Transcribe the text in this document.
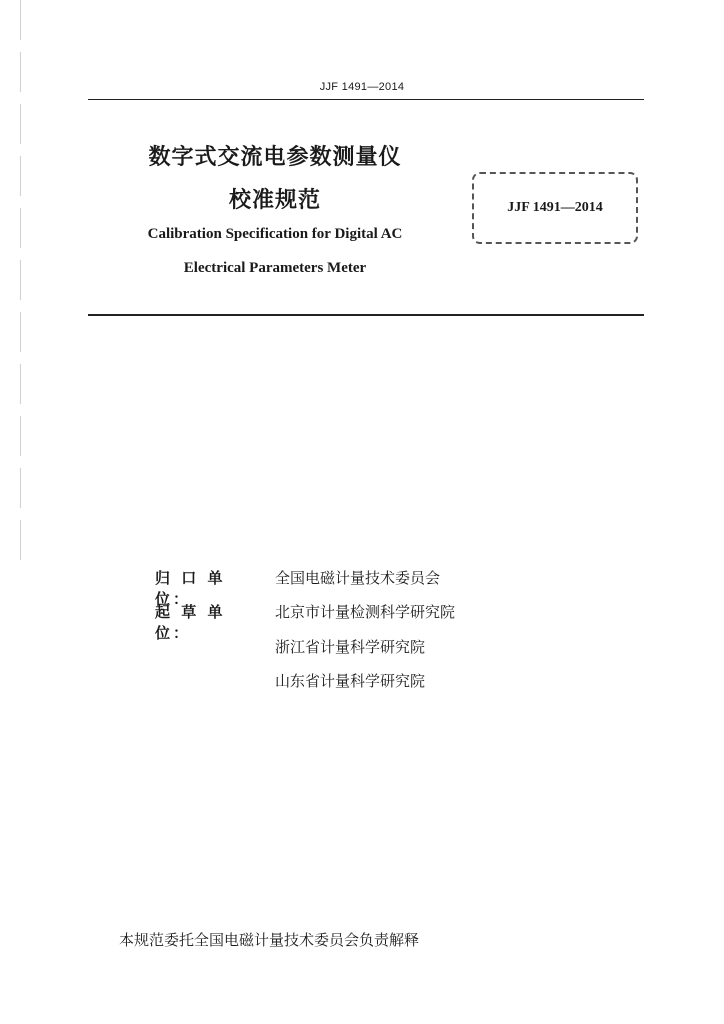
JJF 1491—2014
数字式交流电参数测量仪
校准规范
Calibration Specification for Digital AC
Electrical Parameters Meter
JJF 1491—2014
归 口 单 位：
全国电磁计量技术委员会
起 草 单 位：
北京市计量检测科学研究院
浙江省计量科学研究院
山东省计量科学研究院
本规范委托全国电磁计量技术委员会负责解释
